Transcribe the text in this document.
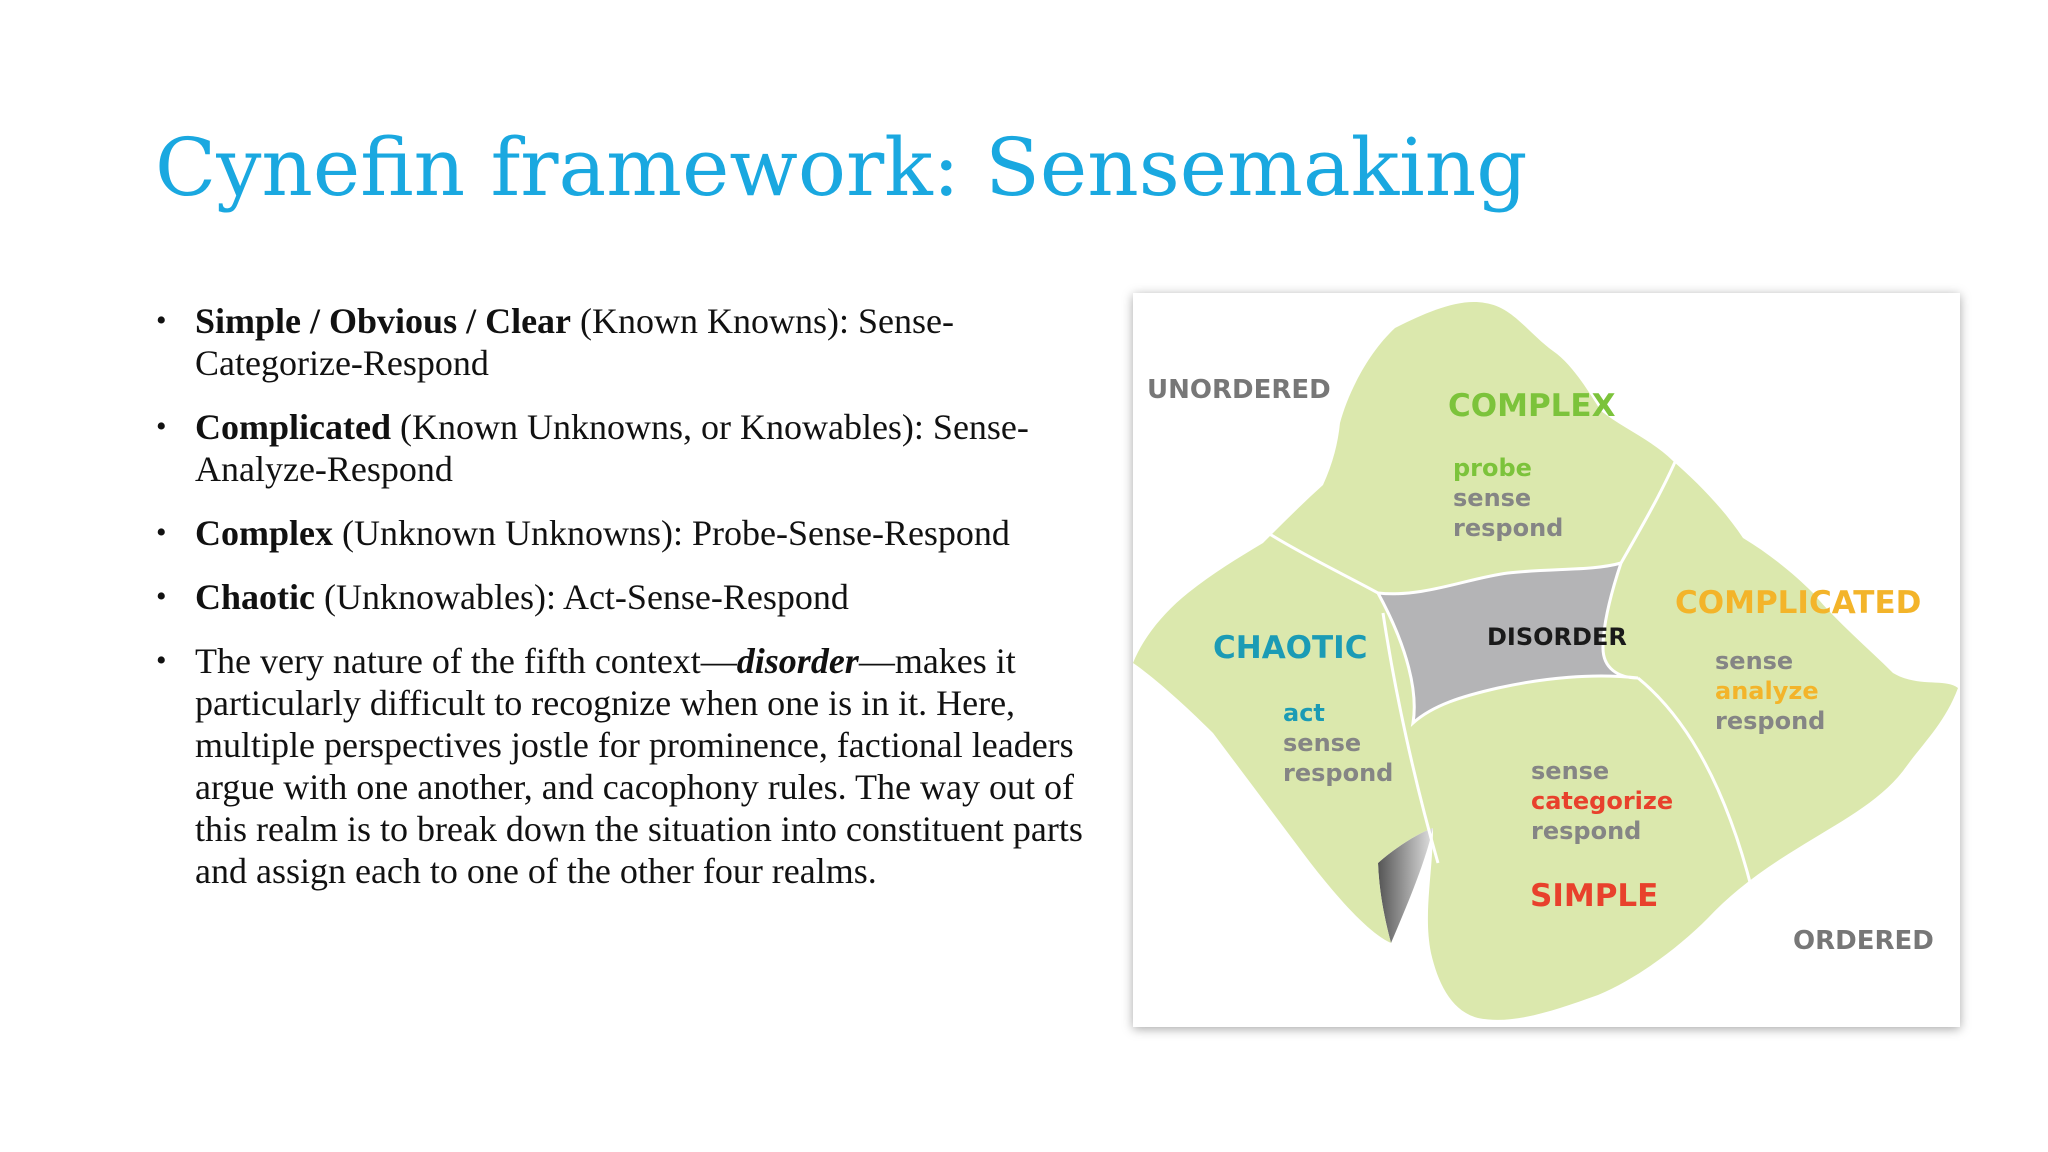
Cynefin framework: Sensemaking
• Simple / Obvious / Clear (Known Knowns): Sense-Categorize-Respond
• Complicated (Known Unknowns, or Knowables): Sense-Analyze-Respond
• Complex (Unknown Unknowns): Probe-Sense-Respond
• Chaotic (Unknowables): Act-Sense-Respond
• The very nature of the fifth context—disorder—makes it particularly difficult to recognize when one is in it. Here, multiple perspectives jostle for prominence, factional leaders argue with one another, and cacophony rules. The way out of this realm is to break down the situation into constituent parts and assign each to one of the other four realms.
UNORDERED
ORDERED
COMPLEX
probe
sense
respond
COMPLICATED
sense
analyze
respond
CHAOTIC
act
sense
respond
DISORDER
sense
categorize
respond
SIMPLE
